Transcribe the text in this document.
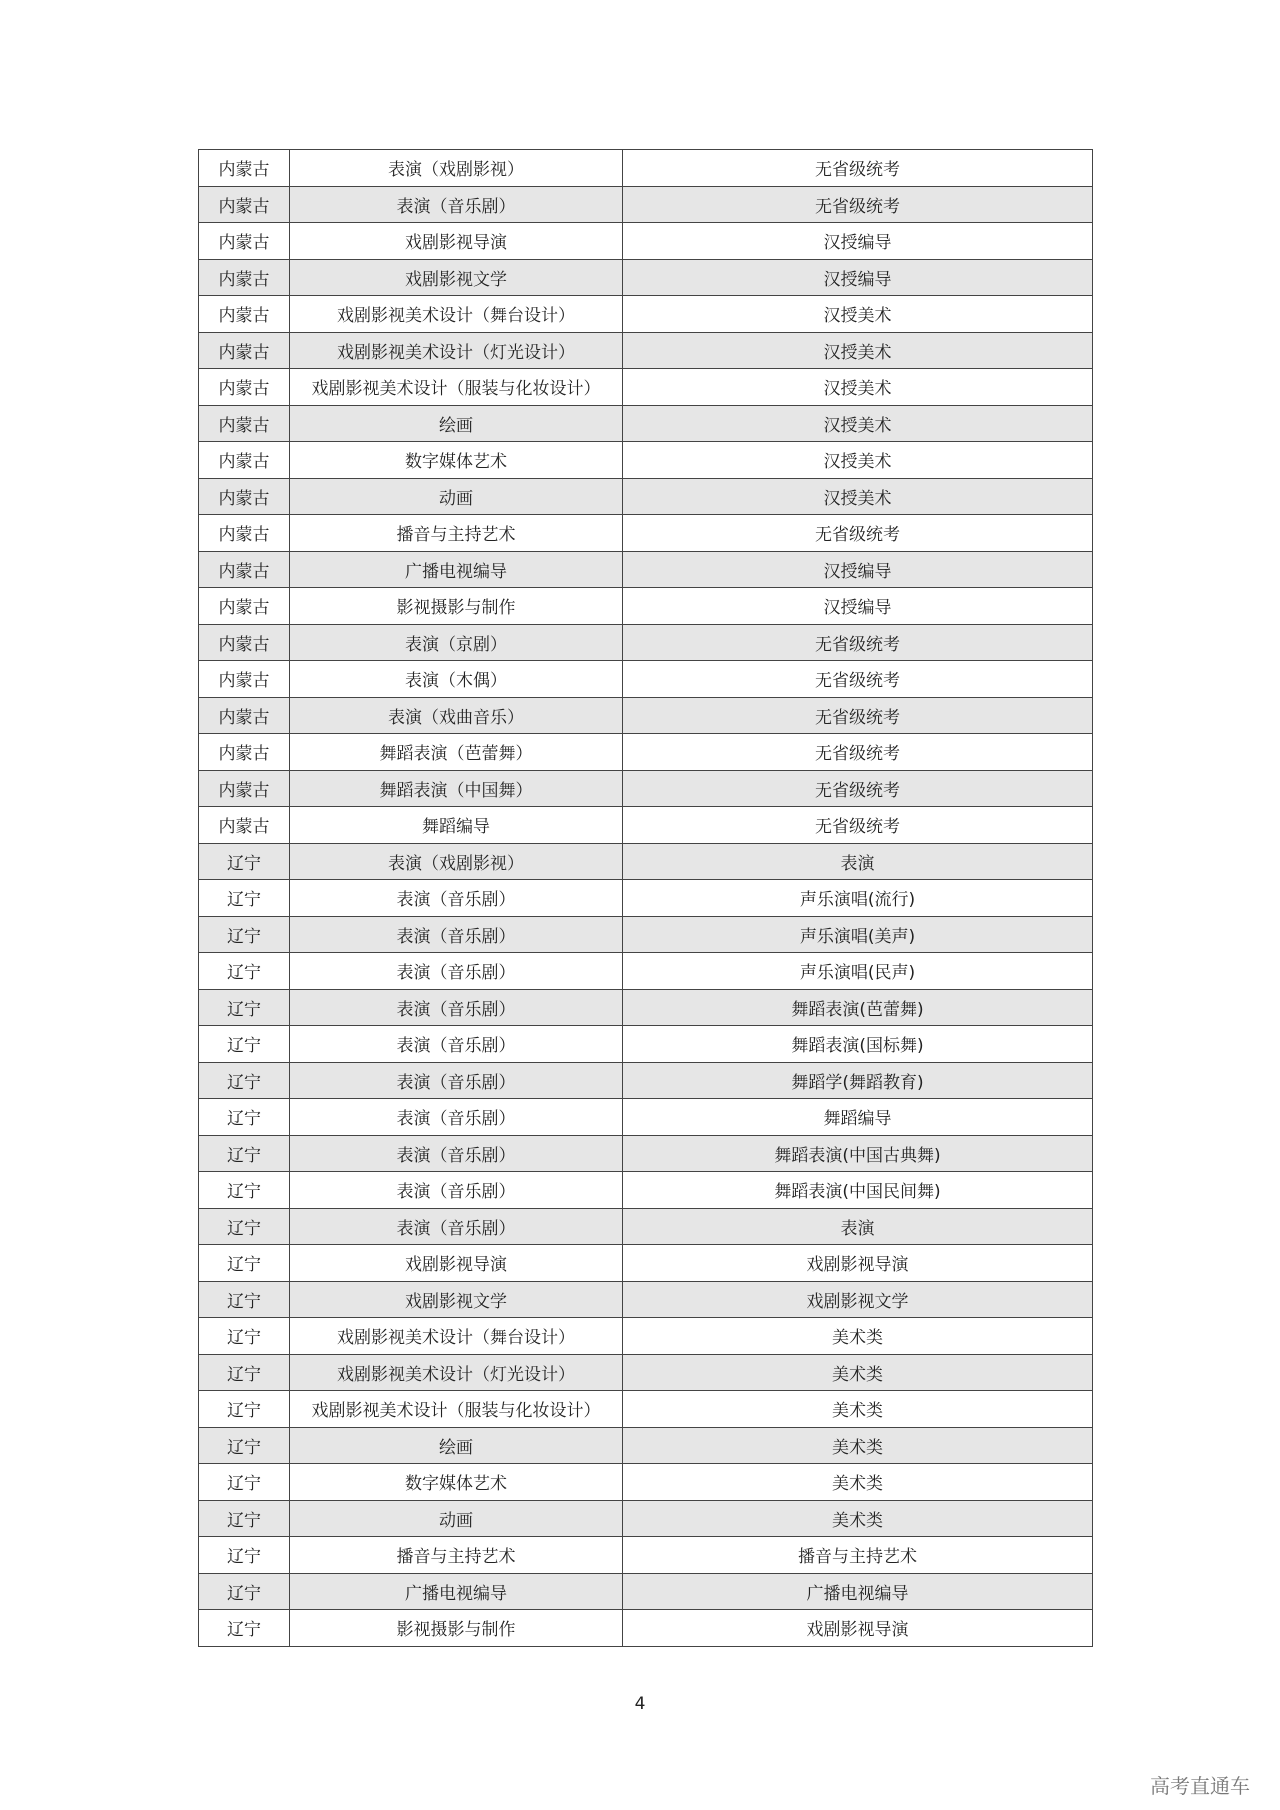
内蒙古	表演（戏剧影视）	无省级统考
内蒙古	表演（音乐剧）	无省级统考
内蒙古	戏剧影视导演	汉授编导
内蒙古	戏剧影视文学	汉授编导
内蒙古	戏剧影视美术设计（舞台设计）	汉授美术
内蒙古	戏剧影视美术设计（灯光设计）	汉授美术
内蒙古	戏剧影视美术设计（服装与化妆设计）	汉授美术
内蒙古	绘画	汉授美术
内蒙古	数字媒体艺术	汉授美术
内蒙古	动画	汉授美术
内蒙古	播音与主持艺术	无省级统考
内蒙古	广播电视编导	汉授编导
内蒙古	影视摄影与制作	汉授编导
内蒙古	表演（京剧）	无省级统考
内蒙古	表演（木偶）	无省级统考
内蒙古	表演（戏曲音乐）	无省级统考
内蒙古	舞蹈表演（芭蕾舞）	无省级统考
内蒙古	舞蹈表演（中国舞）	无省级统考
内蒙古	舞蹈编导	无省级统考
辽宁	表演（戏剧影视）	表演
辽宁	表演（音乐剧）	声乐演唱(流行)
辽宁	表演（音乐剧）	声乐演唱(美声)
辽宁	表演（音乐剧）	声乐演唱(民声)
辽宁	表演（音乐剧）	舞蹈表演(芭蕾舞)
辽宁	表演（音乐剧）	舞蹈表演(国标舞)
辽宁	表演（音乐剧）	舞蹈学(舞蹈教育)
辽宁	表演（音乐剧）	舞蹈编导
辽宁	表演（音乐剧）	舞蹈表演(中国古典舞)
辽宁	表演（音乐剧）	舞蹈表演(中国民间舞)
辽宁	表演（音乐剧）	表演
辽宁	戏剧影视导演	戏剧影视导演
辽宁	戏剧影视文学	戏剧影视文学
辽宁	戏剧影视美术设计（舞台设计）	美术类
辽宁	戏剧影视美术设计（灯光设计）	美术类
辽宁	戏剧影视美术设计（服装与化妆设计）	美术类
辽宁	绘画	美术类
辽宁	数字媒体艺术	美术类
辽宁	动画	美术类
辽宁	播音与主持艺术	播音与主持艺术
辽宁	广播电视编导	广播电视编导
辽宁	影视摄影与制作	戏剧影视导演
4
高考直通车
